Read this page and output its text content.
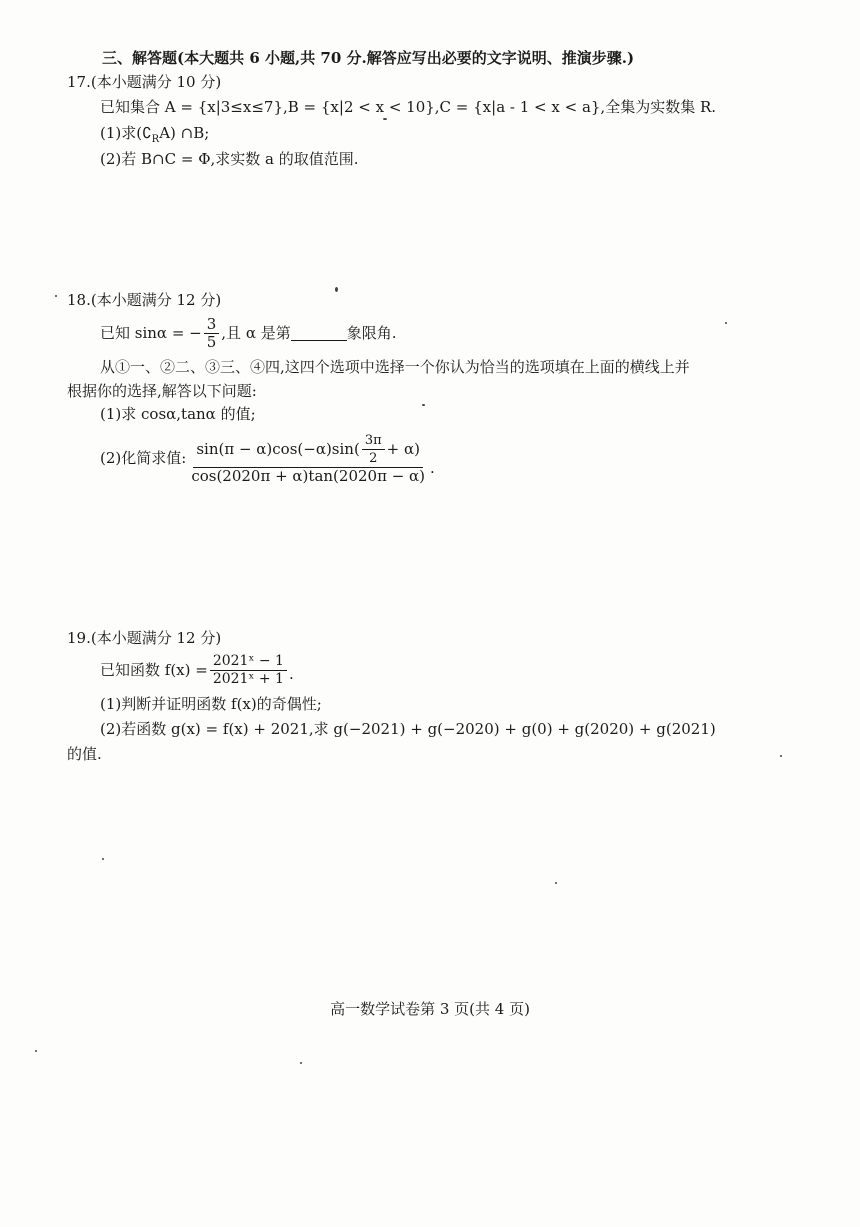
三、解答题(本大题共 6 小题,共 70 分.解答应写出必要的文字说明、推演步骤.)
17.(本小题满分 10 分)
已知集合 A = {x|3≤x≤7},B = {x|2 < x < 10},C = {x|a - 1 < x < a},全集为实数集 R.
(1)求$(∁_RA)$ ∩B;
(2)若 B∩C = Φ,求实数 a 的取值范围.
18.(本小题满分 12 分)
已知 sinα = − $\frac{3}{5}$ ,且 α 是第	象限角.
从①一、②二、③三、④四,这四个选项中选择一个你认为恰当的选项填在上面的横线上并
根据你的选择,解答以下问题:
(1)求 cosα,tanα 的值;
(2)化简求值:
$\sin(\pi - \alpha)\cos(-\alpha)\sin( \frac{3\pi}{2} + \alpha)$
cos(2020π + α)tan(2020π − α) .
19.(本小题满分 12 分)
已知函数 $f(x) = \frac{\text{2021ˣ − 1}}{\text{2021ˣ + 1}}$ .
(1)判断并证明函数 f(x)的奇偶性;
(2)若函数 g(x) = f(x) + 2021,求 g(−2021) + g(−2020) + g(0) + g(2020) + g(2021)
的值.
高一数学试卷第 3 页(共 4 页)
